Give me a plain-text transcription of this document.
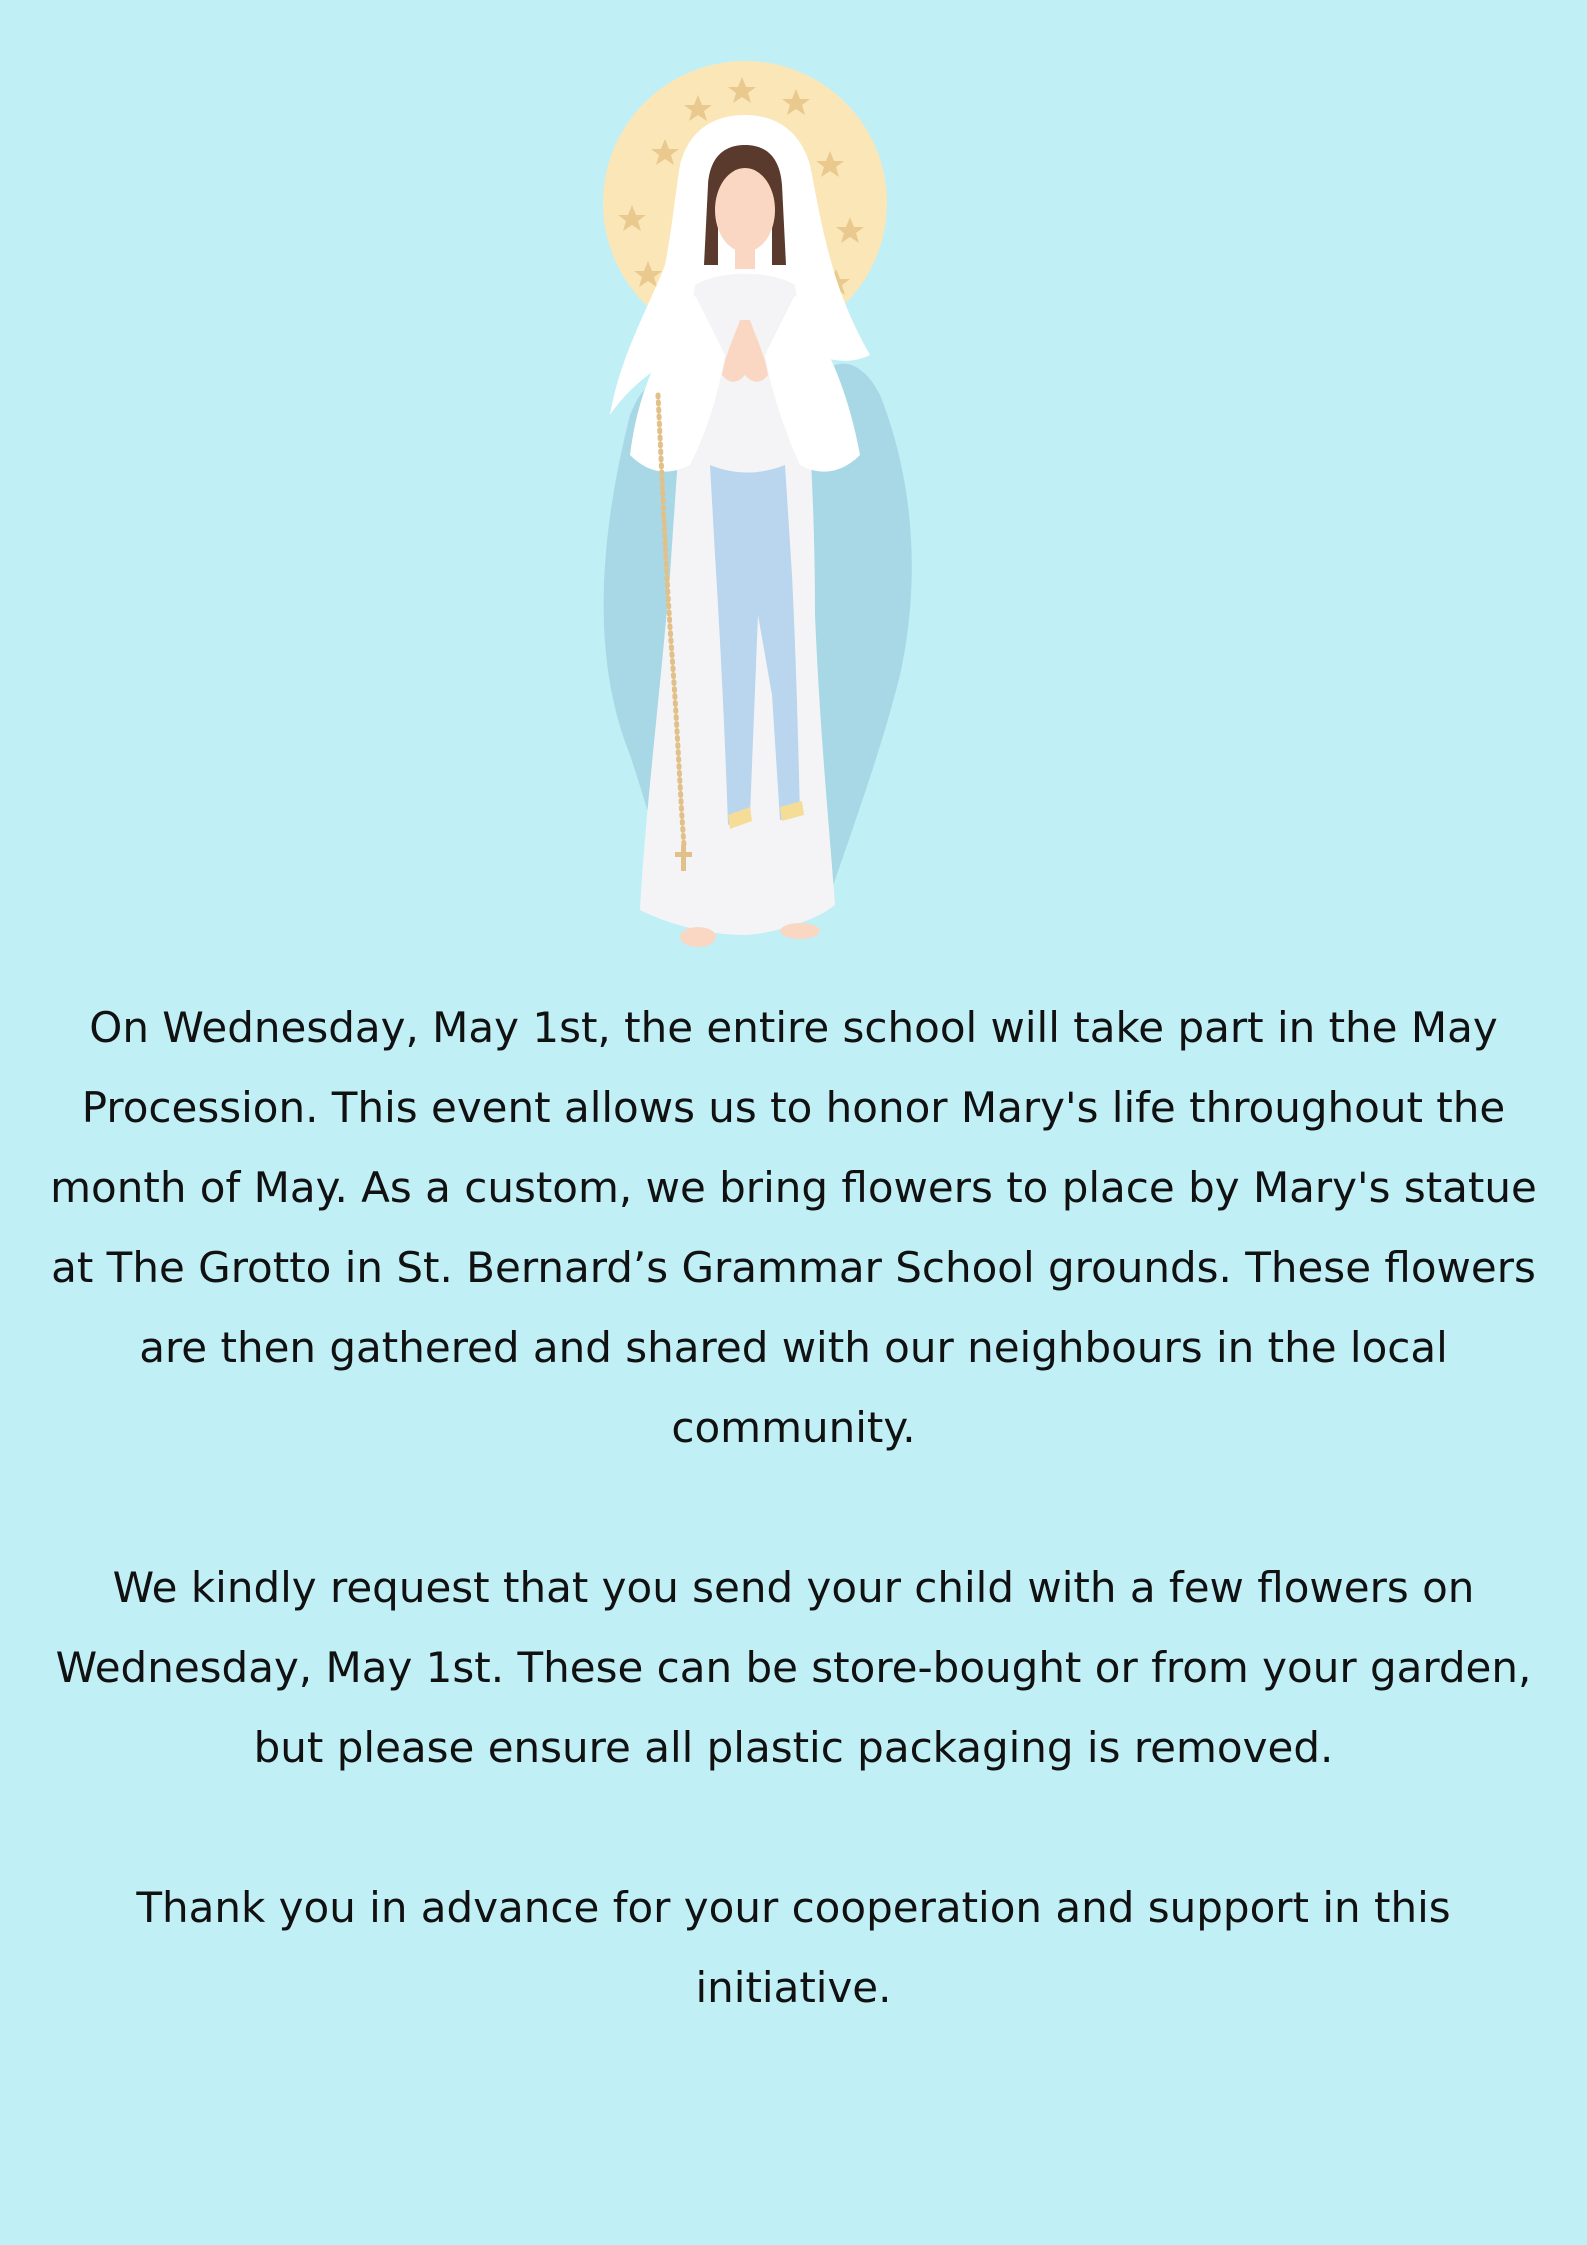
On Wednesday, May 1st, the entire school will take part in the May Procession. This event allows us to honor Mary's life throughout the month of May. As a custom, we bring flowers to place by Mary's statue at The Grotto in St. Bernard’s Grammar School grounds. These flowers are then gathered and shared with our neighbours in the local community.

We kindly request that you send your child with a few flowers on Wednesday, May 1st. These can be store-bought or from your garden, but please ensure all plastic packaging is removed.

Thank you in advance for your cooperation and support in this initiative.
